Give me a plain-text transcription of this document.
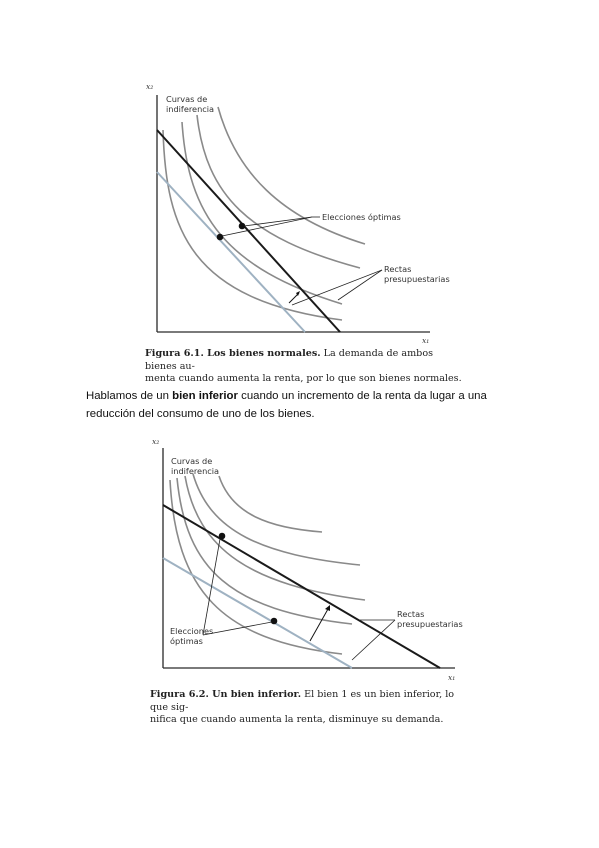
x₂
x₁
Curvas de
indiferencia
Elecciones óptimas
Rectas
presupuestarias

Figura 6.1. Los bienes normales. La demanda de ambos bienes au-
menta cuando aumenta la renta, por lo que son bienes normales.

Hablamos de un bien inferior cuando un incremento de la renta da lugar a una reducción del consumo de uno de los bienes.

x₂
x₁
Curvas de
indiferencia
Rectas
presupuestarias
Elecciones
óptimas

Figura 6.2. Un bien inferior. El bien 1 es un bien inferior, lo que sig-
nifica que cuando aumenta la renta, disminuye su demanda.
